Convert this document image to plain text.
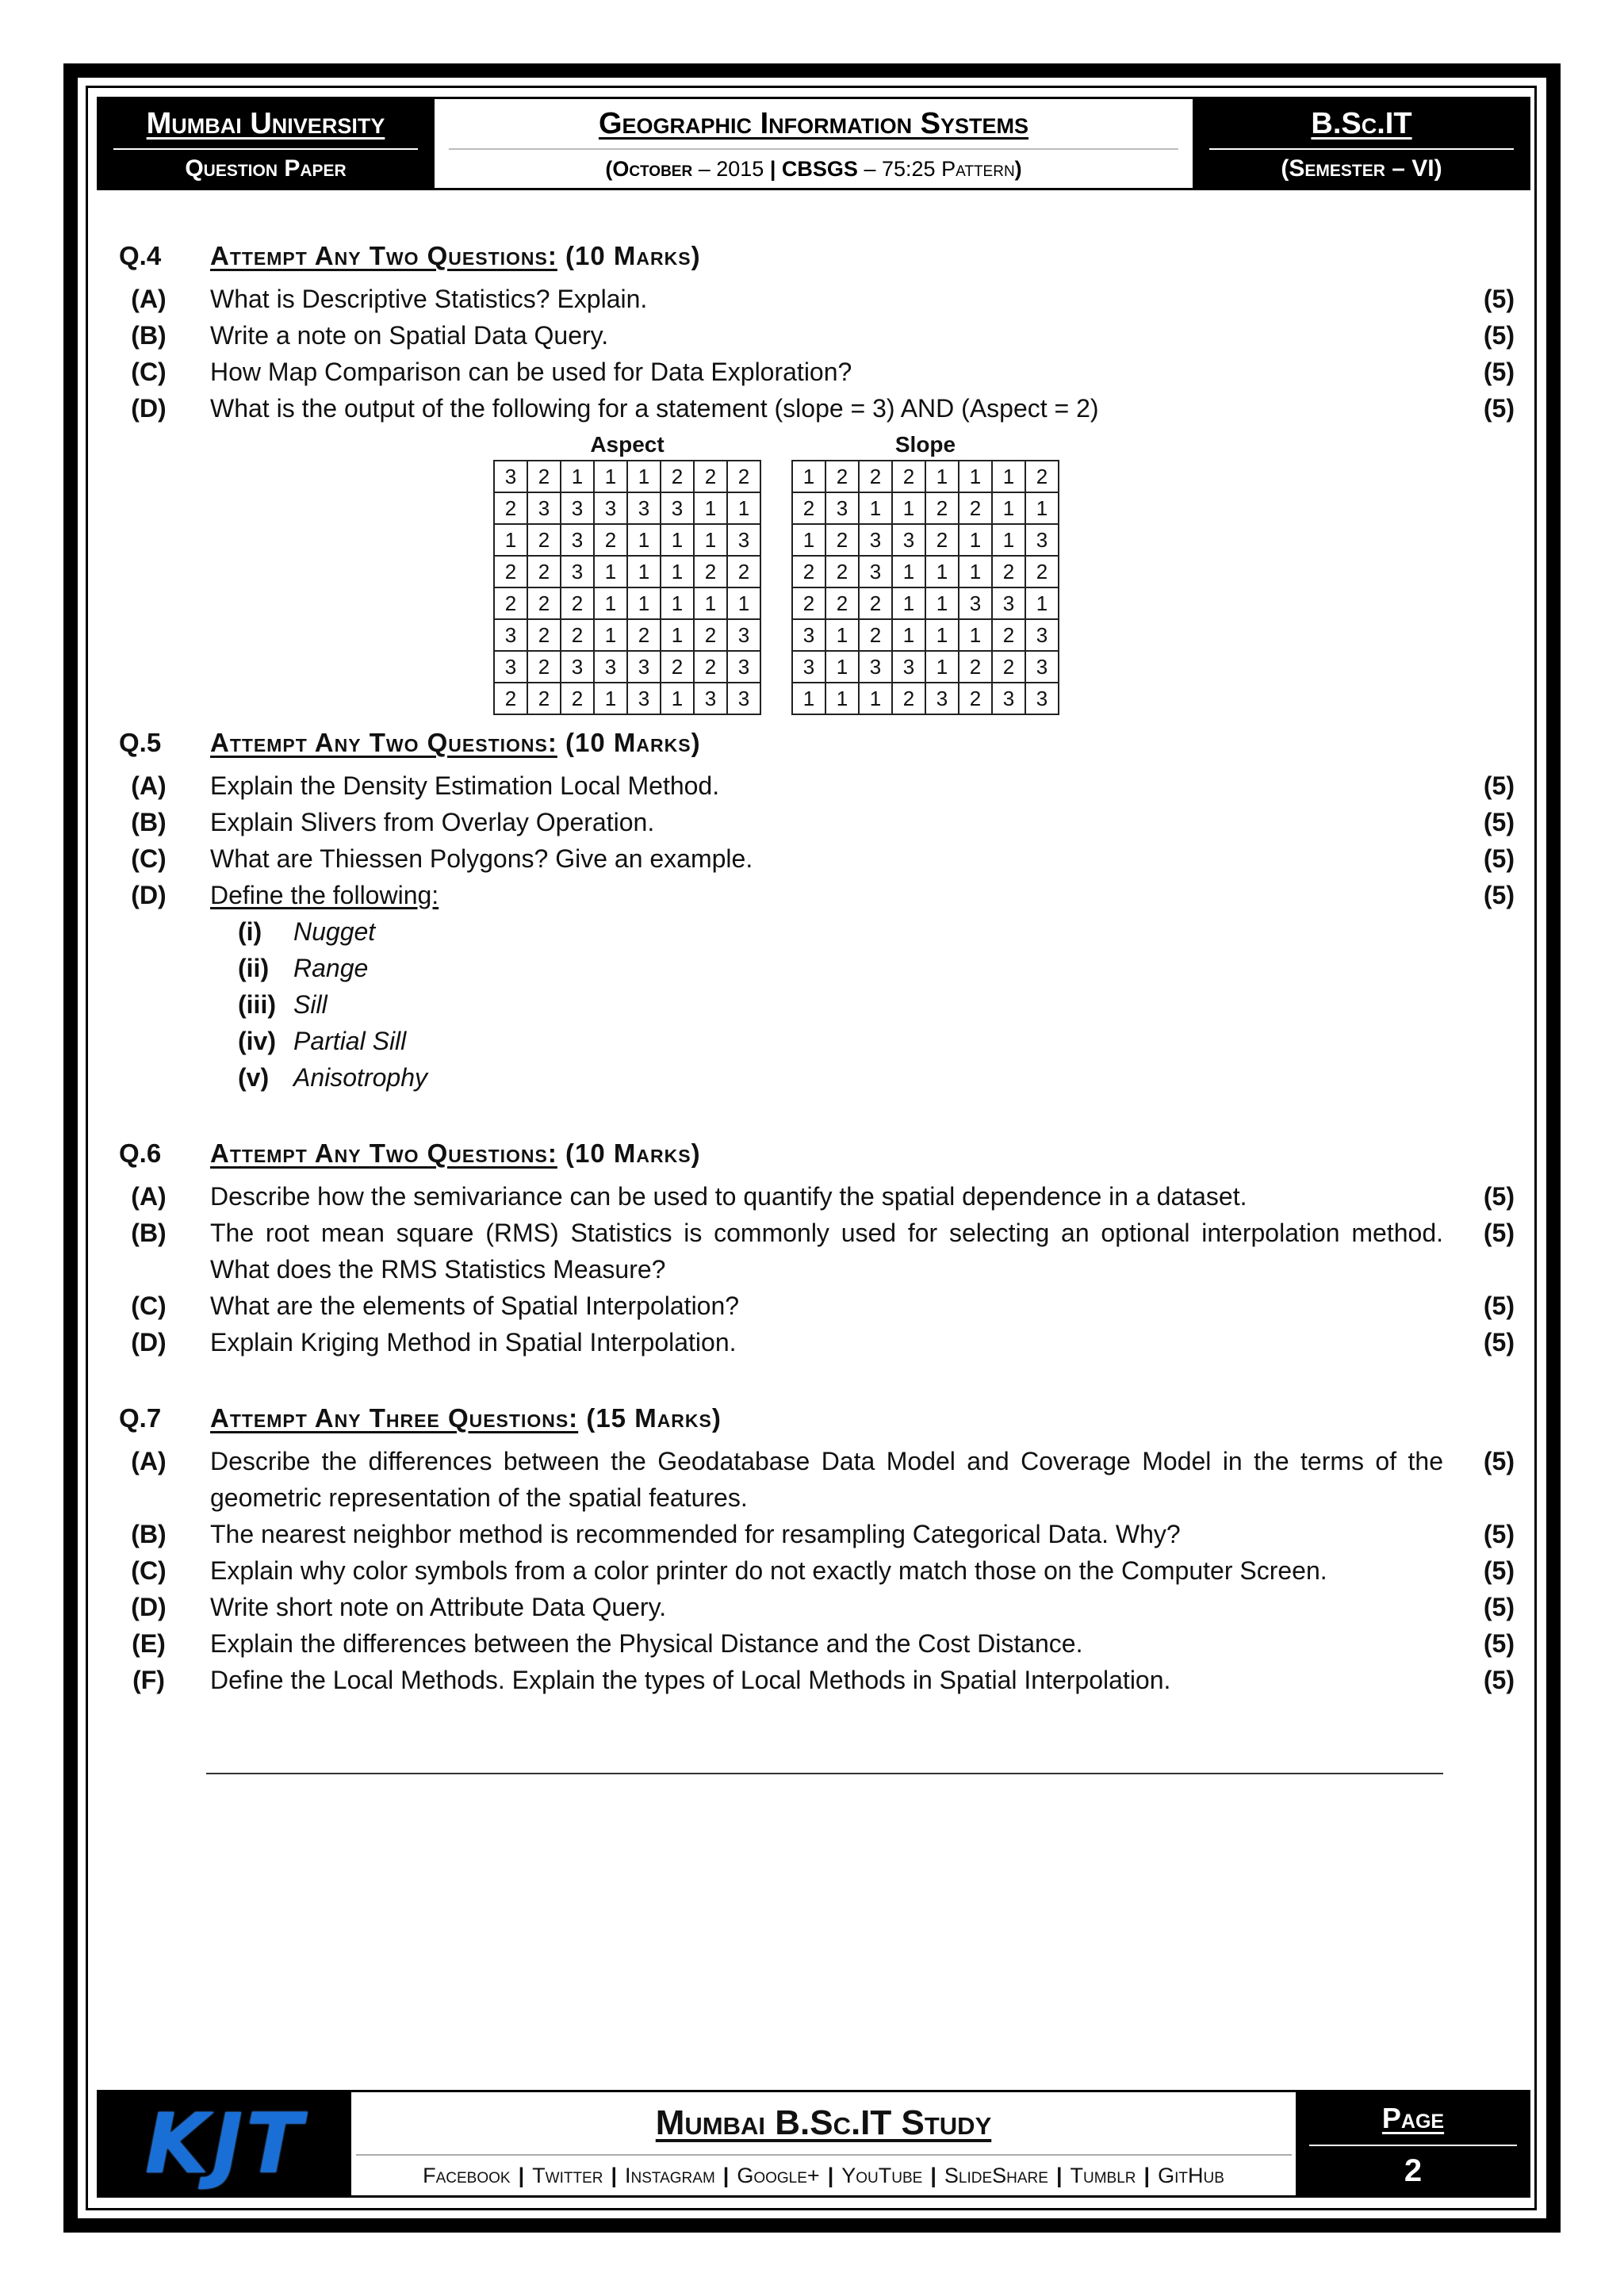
Mumbai University
Question Paper
Geographic Information Systems
( October
– 2015
|
CBSGS
– 75:25
Pattern )
B.Sc.IT
(Semester – VI)
Q.4	Attempt Any Two Questions: (10 Marks)
(A)	What is Descriptive Statistics? Explain.	(5)
(B)	Write a note on Spatial Data Query.	(5)
(C)	How Map Comparison can be used for Data Exploration?	(5)
(D)	What is the output of the following for a statement (slope = 3) AND (Aspect = 2)	(5)
Aspect
3	2	1	1	1	2	2	2
2	3	3	3	3	3	1	1
1	2	3	2	1	1	1	3
2	2	3	1	1	1	2	2
2	2	2	1	1	1	1	1
3	2	2	1	2	1	2	3
3	2	3	3	3	2	2	3
2	2	2	1	3	1	3	3
Slope
1	2	2	2	1	1	1	2
2	3	1	1	2	2	1	1
1	2	3	3	2	1	1	3
2	2	3	1	1	1	2	2
2	2	2	1	1	3	3	1
3	1	2	1	1	1	2	3
3	1	3	3	1	2	2	3
1	1	1	2	3	2	3	3
Q.5	Attempt Any Two Questions: (10 Marks)
(A)	Explain the Density Estimation Local Method.	(5)
(B)	Explain Slivers from Overlay Operation.	(5)
(C)	What are Thiessen Polygons? Give an example.	(5)
(D)	Define the following:	(5)
(i)	Nugget
(ii) Range
(iii) Sill
(iv) Partial Sill
(v) Anisotrophy
Q.6	Attempt Any Two Questions: (10 Marks)
(A)	Describe how the semivariance can be used to quantify the spatial dependence in a dataset.	(5)
(B)	The root mean square (RMS) Statistics is commonly used for selecting an optional interpolation method. What does the RMS Statistics Measure?
(5)
(C)	What are the elements of Spatial Interpolation?	(5)
(D)	Explain Kriging Method in Spatial Interpolation.	(5)
Q.7	Attempt Any Three Questions: (15 Marks)
(A)	Describe the differences between the Geodatabase Data Model and Coverage Model in the terms of the geometric representation of the spatial features.
(5)
(B)	The nearest neighbor method is recommended for resampling Categorical Data. Why?	(5)
(C)	Explain why color symbols from a color printer do not exactly match those on the Computer Screen.	(5)
(D)	Write short note on Attribute Data Query.	(5)
(E)	Explain the differences between the Physical Distance and the Cost Distance.	(5)
(F)	Define the Local Methods. Explain the types of Local Methods in Spatial Interpolation.	(5)
KJT	Mumbai B.Sc.IT Study
Facebook | Twitter | Instagram | Google+ | YouTube | SlideShare | Tumblr | GitHub
Page
2
